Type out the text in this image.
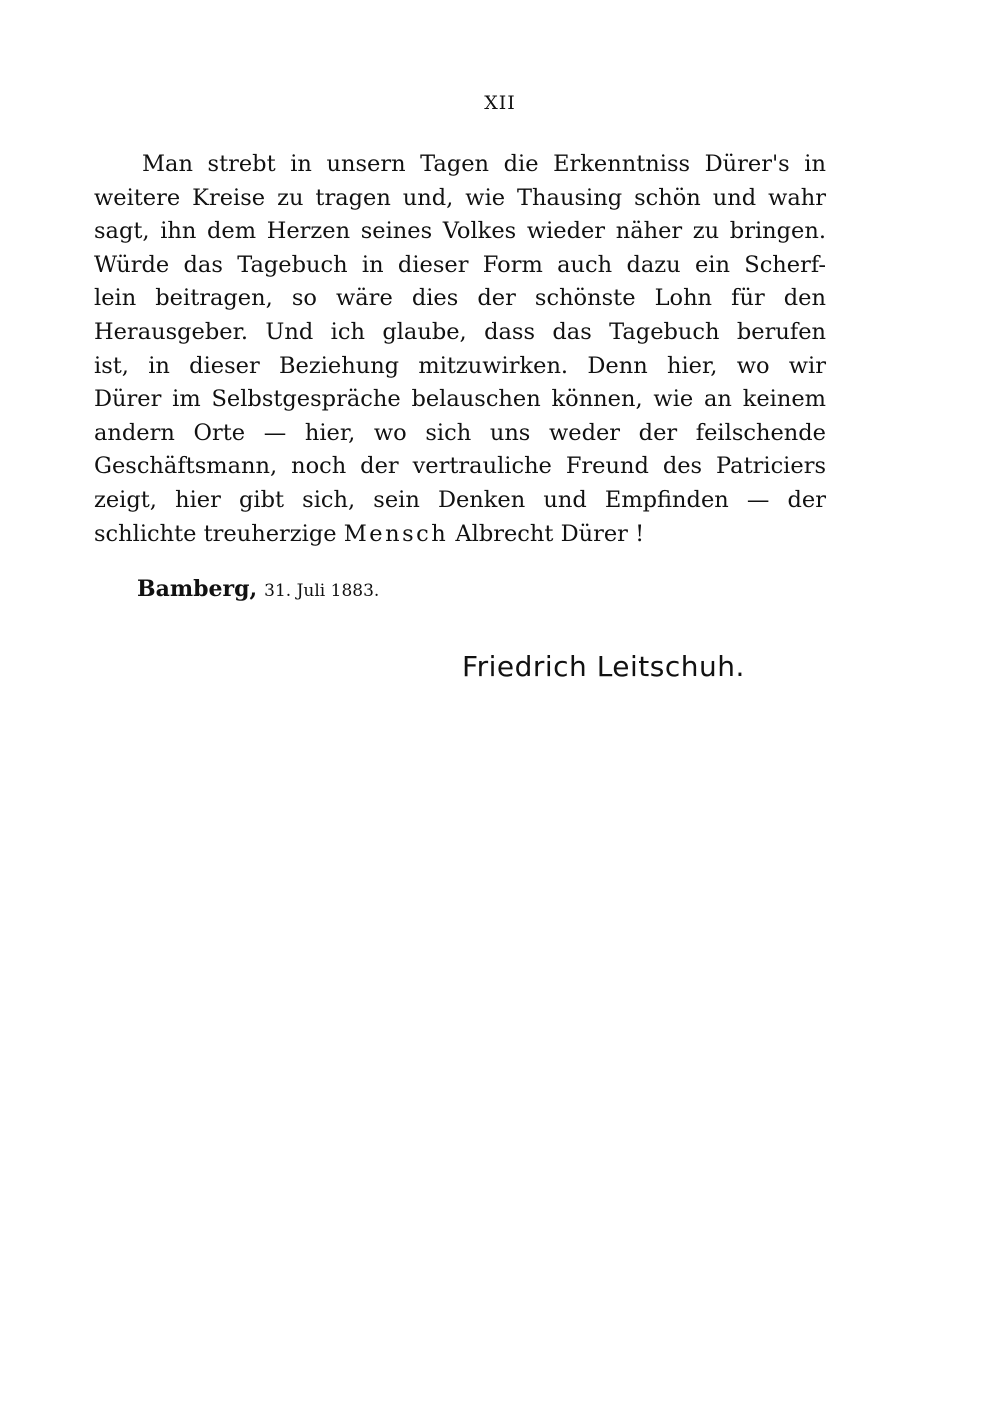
XII
Man strebt in unsern Tagen die Erkenntniss Dürer's in
weitere Kreise zu tragen und, wie Thausing schön und wahr
sagt, ihn dem Herzen seines Volkes wieder näher zu bringen.
Würde das Tagebuch in dieser Form auch dazu ein Scherf-
lein beitragen, so wäre dies der schönste Lohn für den
Herausgeber. Und ich glaube, dass das Tagebuch berufen
ist, in dieser Beziehung mitzuwirken. Denn hier, wo wir
Dürer im Selbstgespräche belauschen können, wie an keinem
andern Orte — hier, wo sich uns weder der feilschende
Geschäftsmann, noch der vertrauliche Freund des Patriciers
zeigt, hier gibt sich, sein Denken und Empfinden — der
schlichte treuherzige Mensch Albrecht Dürer !
Bamberg, 31. Juli 1883.
Friedrich Leitschuh.
